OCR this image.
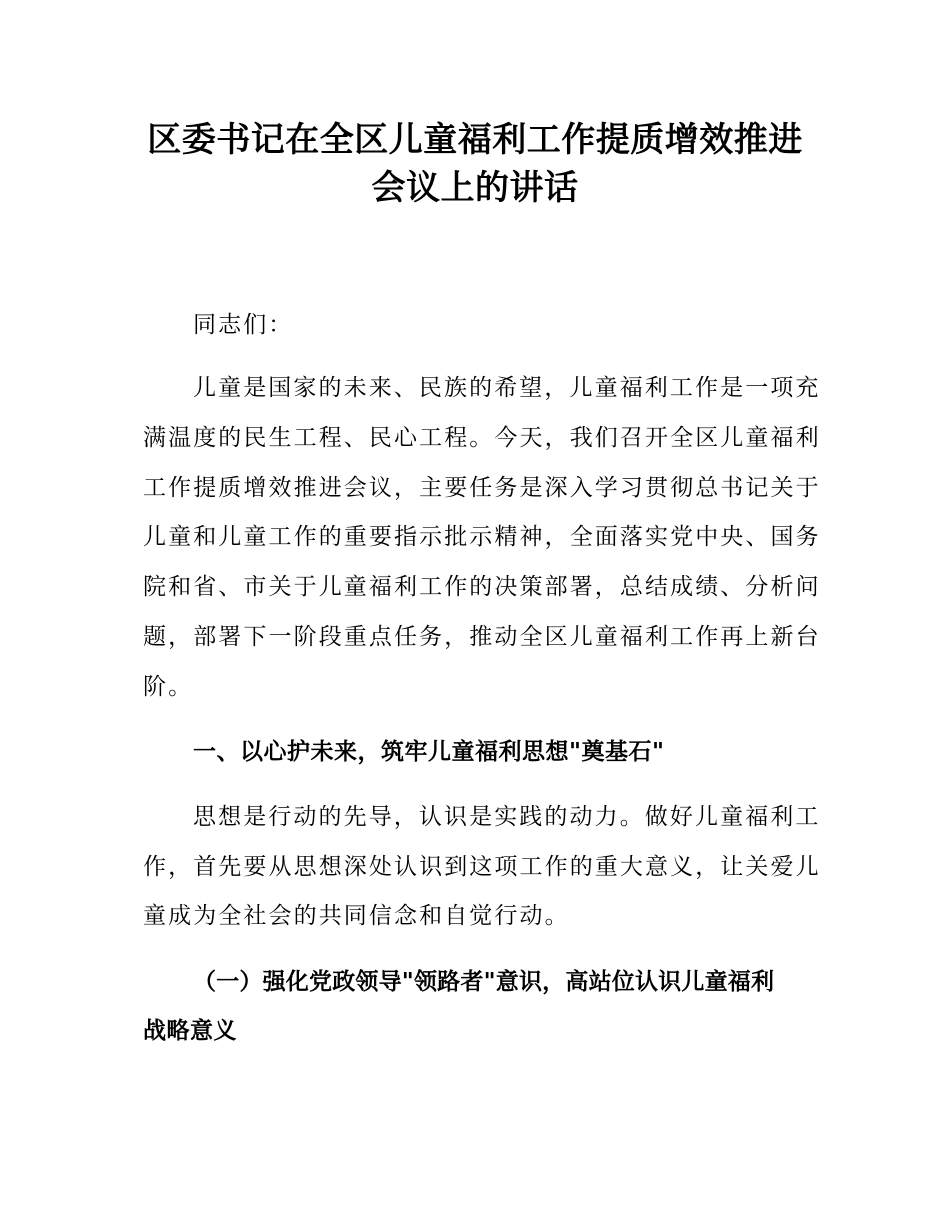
区委书记在全区儿童福利工作提质增效推进
会议上的讲话

同志们：

儿童是国家的未来、民族的希望，儿童福利工作是一项充

满温度的民生工程、民心工程。今天，我们召开全区儿童福利

工作提质增效推进会议，主要任务是深入学习贯彻总书记关于

儿童和儿童工作的重要指示批示精神，全面落实党中央、国务

院和省、市关于儿童福利工作的决策部署，总结成绩、分析问

题，部署下一阶段重点任务，推动全区儿童福利工作再上新台

阶。

一、以心护未来，筑牢儿童福利思想"奠基石"

思想是行动的先导，认识是实践的动力。做好儿童福利工

作，首先要从思想深处认识到这项工作的重大意义，让关爱儿

童成为全社会的共同信念和自觉行动。

（一）强化党政领导"领路者"意识，高站位认识儿童福利

战略意义
